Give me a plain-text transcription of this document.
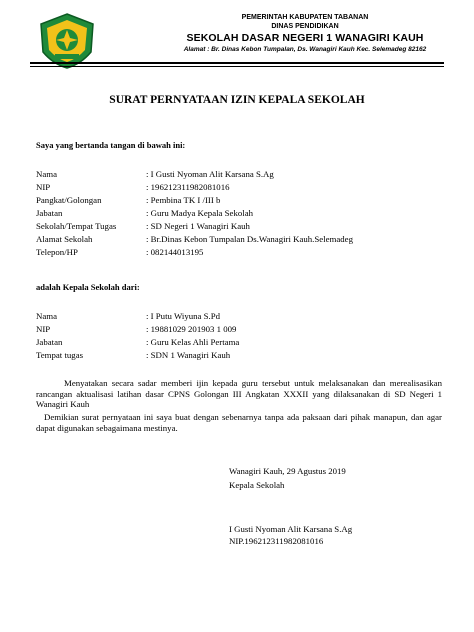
PEMERINTAH KABUPATEN TABANAN
DINAS PENDIDIKAN
SEKOLAH DASAR NEGERI 1 WANAGIRI KAUH
Alamat : Br. Dinas Kebon Tumpalan, Ds. Wanagiri Kauh Kec. Selemadeg 82162
SURAT PERNYATAAN IZIN KEPALA SEKOLAH
Saya yang bertanda tangan di bawah ini:
Nama	: I Gusti Nyoman Alit Karsana S.Ag
NIP	: 196212311982081016
Pangkat/Golongan	: Pembina TK I /III b
Jabatan	: Guru Madya Kepala Sekolah
Sekolah/Tempat Tugas	: SD Negeri 1 Wanagiri Kauh
Alamat Sekolah	: Br.Dinas Kebon Tumpalan Ds.Wanagiri Kauh.Selemadeg
Telepon/HP	: 082144013195
adalah Kepala Sekolah dari:
Nama	: I Putu Wiyuna S.Pd
NIP	: 19881029 201903 1 009
Jabatan	: Guru Kelas Ahli Pertama
Tempat tugas	: SDN 1 Wanagiri Kauh
Menyatakan secara sadar memberi ijin kepada guru tersebut untuk melaksanakan dan merealisasikan rancangan aktualisasi latihan dasar CPNS Golongan III Angkatan XXXII yang dilaksanakan di SD Negeri 1 Wanagiri Kauh
Demikian surat pernyataan ini saya buat dengan sebenarnya tanpa ada paksaan dari pihak manapun, dan agar dapat digunakan sebagaimana mestinya.
Wanagiri Kauh, 29 Agustus 2019
Kepala Sekolah
I Gusti Nyoman Alit Karsana S.Ag
NIP.196212311982081016
